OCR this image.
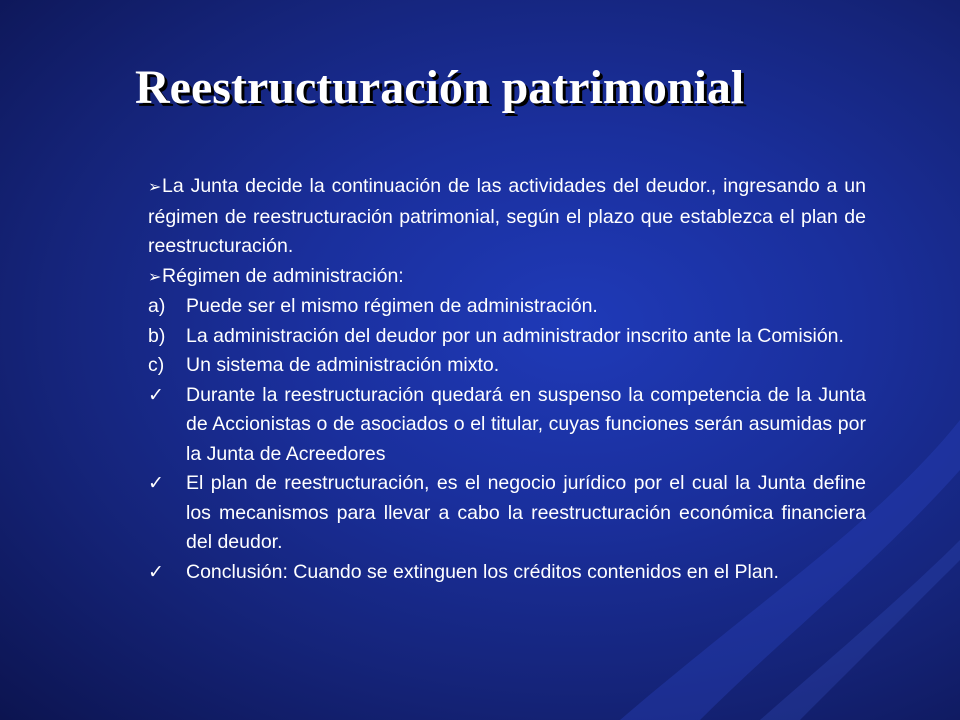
Reestructuración patrimonial

➢La Junta decide la continuación de las actividades del deudor., ingresando a un régimen de reestructuración patrimonial, según el plazo que establezca el plan de reestructuración.

➢Régimen de administración:

a)	Puede ser el mismo régimen de administración.
b)	La administración del deudor por un administrador inscrito ante la Comisión.
c)	Un sistema de administración mixto.
✓ Durante la reestructuración quedará en suspenso la competencia de la Junta de Accionistas o de asociados o el titular, cuyas funciones serán asumidas por la Junta de Acreedores
✓ El plan de reestructuración, es el negocio jurídico por el cual la Junta define los mecanismos para llevar a cabo la reestructuración económica financiera del deudor.
✓ Conclusión: Cuando se extinguen los créditos contenidos en el Plan.
